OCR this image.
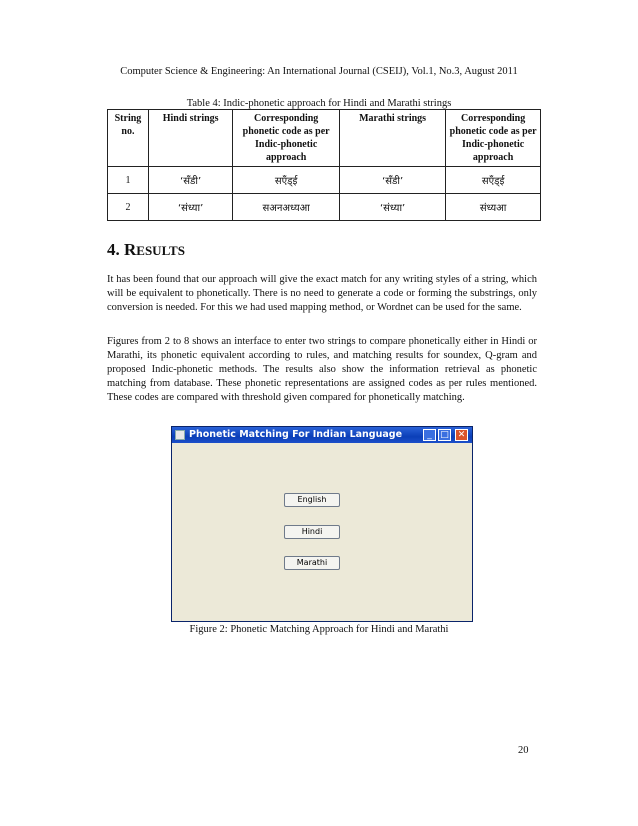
Computer Science & Engineering: An International Journal (CSEIJ), Vol.1, No.3, August 2011
Table 4: Indic-phonetic approach for Hindi and Marathi strings
String no.	Hindi strings	Corresponding phonetic code as per Indic-phonetic approach	Marathi strings	Corresponding phonetic code as per Indic-phonetic approach
1	‘सँडी’	सएँड्ई	‘सँडी’	सएँड्ई
2	‘संध्या’	सअनअध्यआ	‘संध्या’	संध्यआ
4. RESULTS
It has been found that our approach will give the exact match for any writing styles of a string, which will be equivalent to phonetically. There is no need to generate a code or forming the substrings, only conversion is needed. For this we had used mapping method, or Wordnet can be used for the same.
Figures from 2 to 8 shows an interface to enter two strings to compare phonetically either in Hindi or Marathi, its phonetic equivalent according to rules, and matching results for soundex, Q-gram and proposed Indic-phonetic methods. The results also show the information retrieval as phonetic matching from database. These phonetic representations are assigned codes as per rules mentioned. These codes are compared with threshold given compared for phonetically matching.
Phonetic Matching For Indian Language	_ □ ✕
English
Hindi
Marathi
Figure 2: Phonetic Matching Approach for Hindi and Marathi
20
